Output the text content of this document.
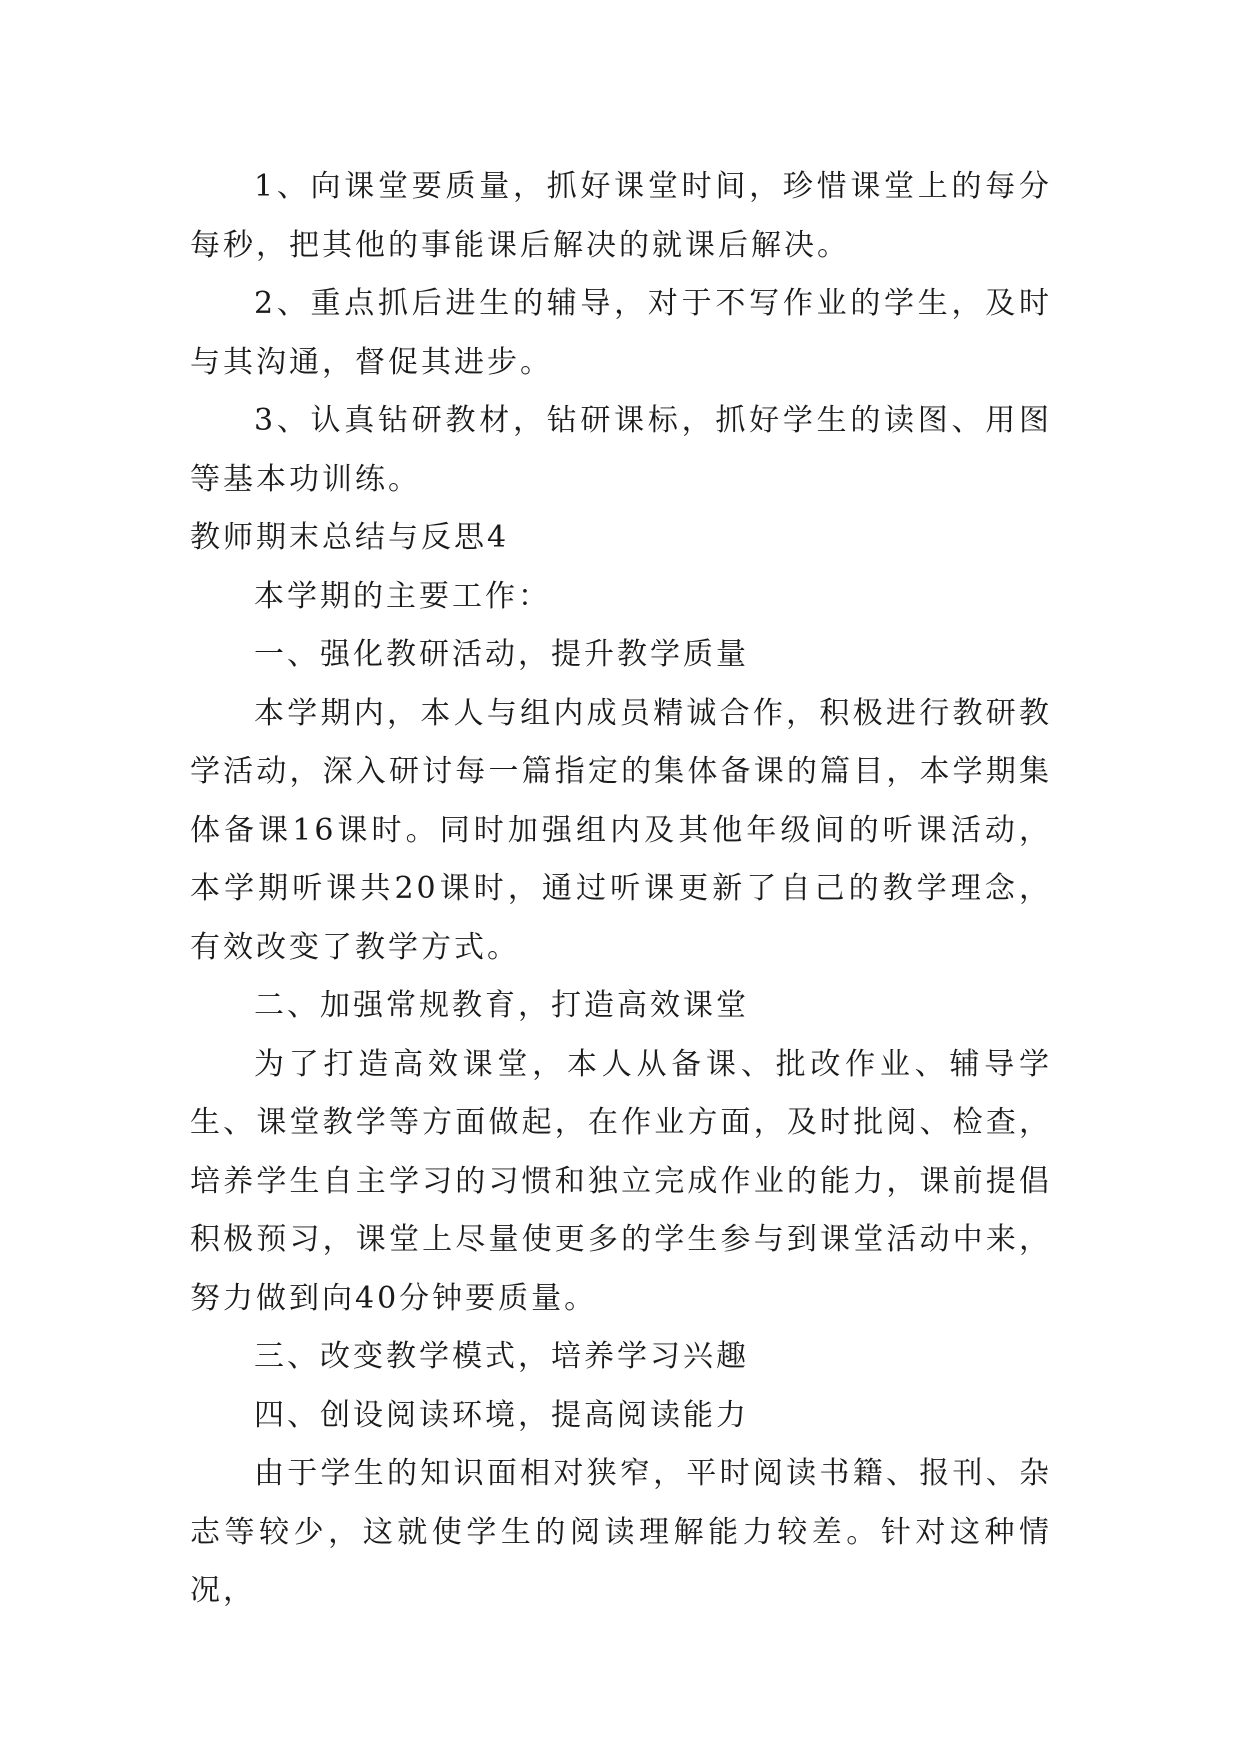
1、向课堂要质量，抓好课堂时间，珍惜课堂上的每分每秒，把其他的事能课后解决的就课后解决。

2、重点抓后进生的辅导，对于不写作业的学生，及时与其沟通，督促其进步。

3、认真钻研教材，钻研课标，抓好学生的读图、用图等基本功训练。

教师期末总结与反思4

本学期的主要工作：

一、强化教研活动，提升教学质量

本学期内，本人与组内成员精诚合作，积极进行教研教学活动，深入研讨每一篇指定的集体备课的篇目，本学期集体备课16课时。同时加强组内及其他年级间的听课活动，本学期听课共20课时，通过听课更新了自己的教学理念，有效改变了教学方式。

二、加强常规教育，打造高效课堂

为了打造高效课堂，本人从备课、批改作业、辅导学生、课堂教学等方面做起，在作业方面，及时批阅、检查，培养学生自主学习的习惯和独立完成作业的能力，课前提倡积极预习，课堂上尽量使更多的学生参与到课堂活动中来，努力做到向40分钟要质量。

三、改变教学模式，培养学习兴趣

四、创设阅读环境，提高阅读能力

由于学生的知识面相对狭窄，平时阅读书籍、报刊、杂志等较少，这就使学生的阅读理解能力较差。针对这种情况，
